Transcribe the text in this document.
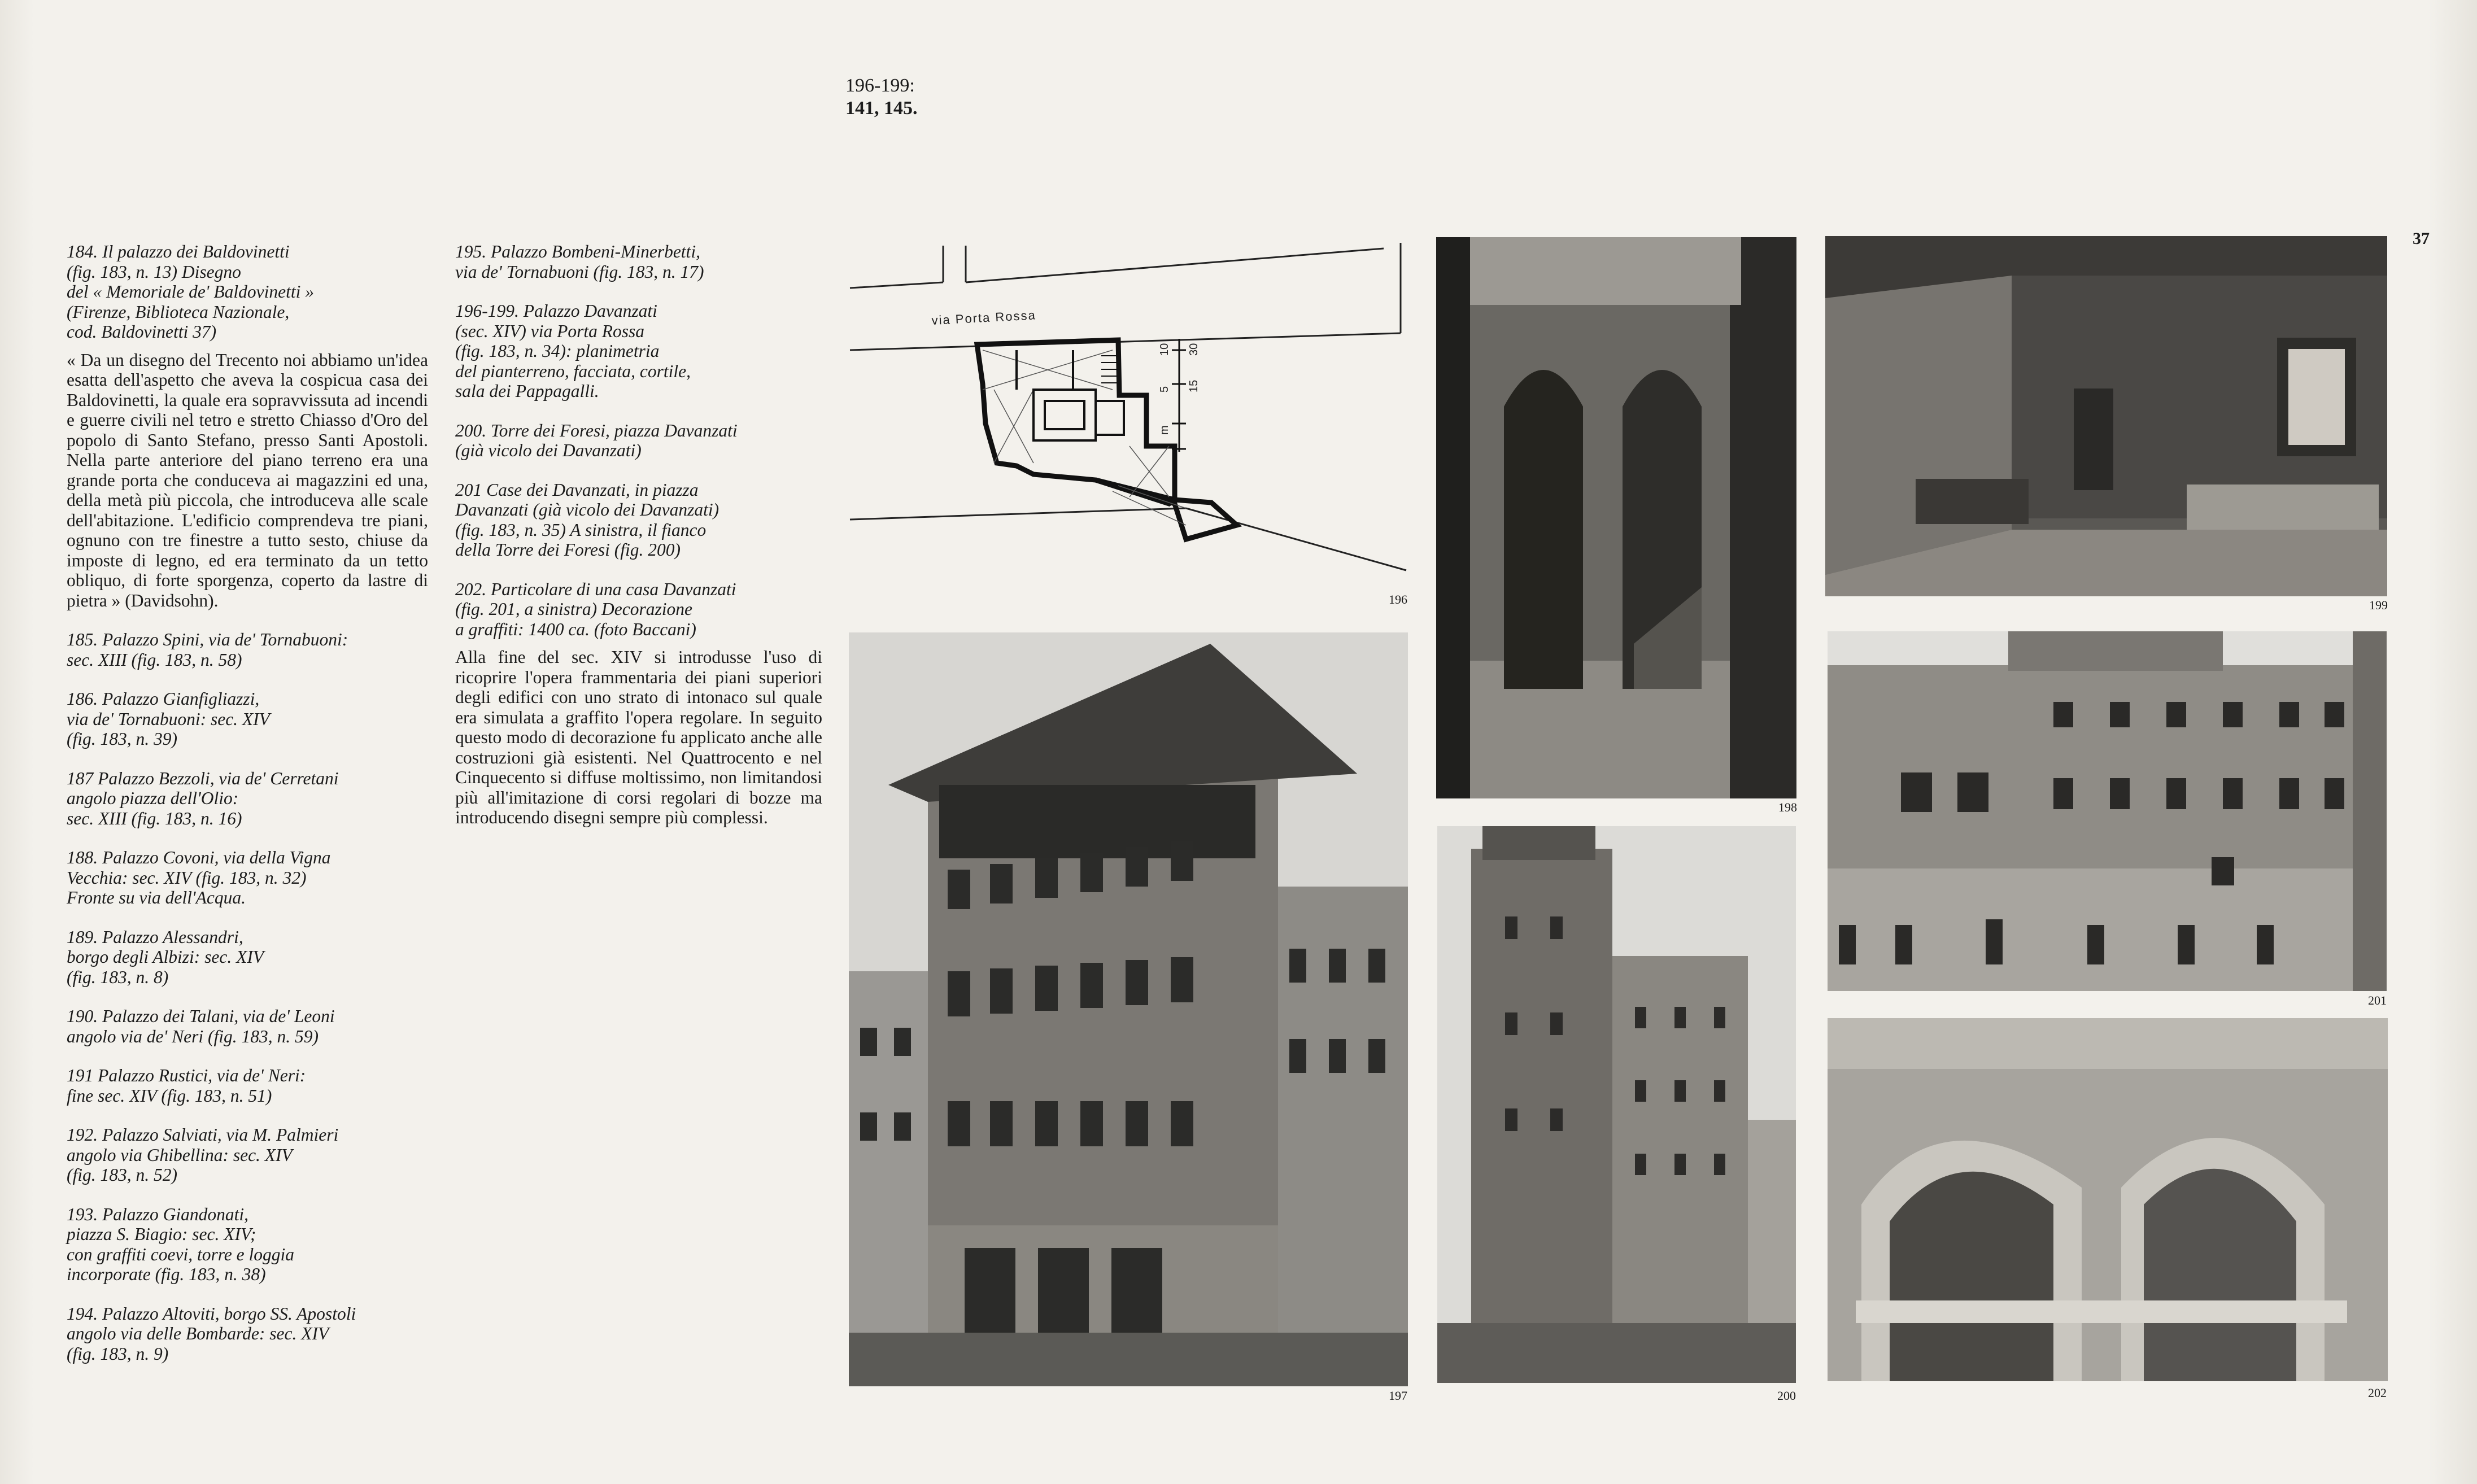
196-199:
141, 145.
37

184. Il palazzo dei Baldovinetti
(fig. 183, n. 13) Disegno
del « Memoriale de' Baldovinetti »
(Firenze, Biblioteca Nazionale,
cod. Baldovinetti 37)

« Da un disegno del Trecento noi abbiamo un'idea esatta dell'aspetto che aveva la cospicua casa dei Baldovinetti, la quale era sopravvissuta ad incendi e guerre civili nel tetro e stretto Chiasso d'Oro del popolo di Santo Stefano, presso Santi Apostoli. Nella parte anteriore del piano terreno era una grande porta che conduceva ai magazzini ed una, della metà più piccola, che introduceva alle scale dell'abitazione. L'edificio comprendeva tre piani, ognuno con tre finestre a tutto sesto, chiuse da imposte di legno, ed era terminato da un tetto obliquo, di forte sporgenza, coperto da lastre di pietra » (Davidsohn).

185. Palazzo Spini, via de' Tornabuoni:
sec. XIII (fig. 183, n. 58)

186. Palazzo Gianfigliazzi,
via de' Tornabuoni: sec. XIV
(fig. 183, n. 39)

187 Palazzo Bezzoli, via de' Cerretani
angolo piazza dell'Olio:
sec. XIII (fig. 183, n. 16)

188. Palazzo Covoni, via della Vigna
Vecchia: sec. XIV (fig. 183, n. 32)
Fronte su via dell'Acqua.

189. Palazzo Alessandri,
borgo degli Albizi: sec. XIV
(fig. 183, n. 8)

190. Palazzo dei Talani, via de' Leoni
angolo via de' Neri (fig. 183, n. 59)

191 Palazzo Rustici, via de' Neri:
fine sec. XIV (fig. 183, n. 51)

192. Palazzo Salviati, via M. Palmieri
angolo via Ghibellina: sec. XIV
(fig. 183, n. 52)

193. Palazzo Giandonati,
piazza S. Biagio: sec. XIV;
con graffiti coevi, torre e loggia
incorporate (fig. 183, n. 38)

194. Palazzo Altoviti, borgo SS. Apostoli
angolo via delle Bombarde: sec. XIV
(fig. 183, n. 9)

195. Palazzo Bombeni-Minerbetti,
via de' Tornabuoni (fig. 183, n. 17)

196-199. Palazzo Davanzati
(sec. XIV) via Porta Rossa
(fig. 183, n. 34): planimetria
del pianterreno, facciata, cortile,
sala dei Pappagalli.

200. Torre dei Foresi, piazza Davanzati
(già vicolo dei Davanzati)

201 Case dei Davanzati, in piazza
Davanzati (già vicolo dei Davanzati)
(fig. 183, n. 35) A sinistra, il fianco
della Torre dei Foresi (fig. 200)

202. Particolare di una casa Davanzati
(fig. 201, a sinistra) Decorazione
a graffiti: 1400 ca. (foto Baccani)

Alla fine del sec. XIV si introdusse l'uso di ricoprire l'opera frammentaria dei piani superiori degli edifici con uno strato di intonaco sul quale era simulata a graffito l'opera regolare. In seguito questo modo di decorazione fu applicato anche alle costruzioni già esistenti. Nel Quattrocento e nel Cinquecento si diffuse moltissimo, non limitandosi più all'imitazione di corsi regolari di bozze ma introducendo disegni sempre più complessi.

via Porta Rossa
10
5
30
15
m
196
197
198
199
200
201
202
